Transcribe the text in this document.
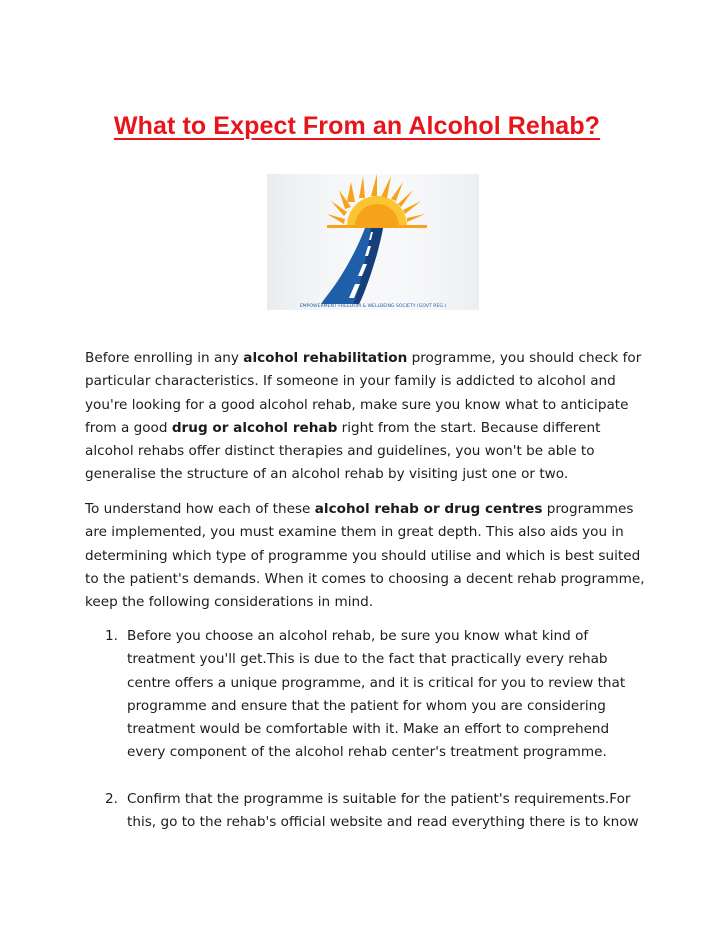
What to Expect From an Alcohol Rehab?
EMPOWERMENT FREEDOM & WELLBEING SOCIETY (GOVT REG.)

Before enrolling in any alcohol rehabilitation programme, you should check for particular characteristics. If someone in your family is addicted to alcohol and you're looking for a good alcohol rehab, make sure you know what to anticipate from a good drug or alcohol rehab right from the start. Because different alcohol rehabs offer distinct therapies and guidelines, you won't be able to generalise the structure of an alcohol rehab by visiting just one or two.

To understand how each of these alcohol rehab or drug centres programmes are implemented, you must examine them in great depth. This also aids you in determining which type of programme you should utilise and which is best suited to the patient's demands. When it comes to choosing a decent rehab programme, keep the following considerations in mind.

1. Before you choose an alcohol rehab, be sure you know what kind of treatment you'll get.This is due to the fact that practically every rehab centre offers a unique programme, and it is critical for you to review that programme and ensure that the patient for whom you are considering treatment would be comfortable with it. Make an effort to comprehend every component of the alcohol rehab center's treatment programme.
2. Confirm that the programme is suitable for the patient's requirements.For this, go to the rehab's official website and read everything there is to know
